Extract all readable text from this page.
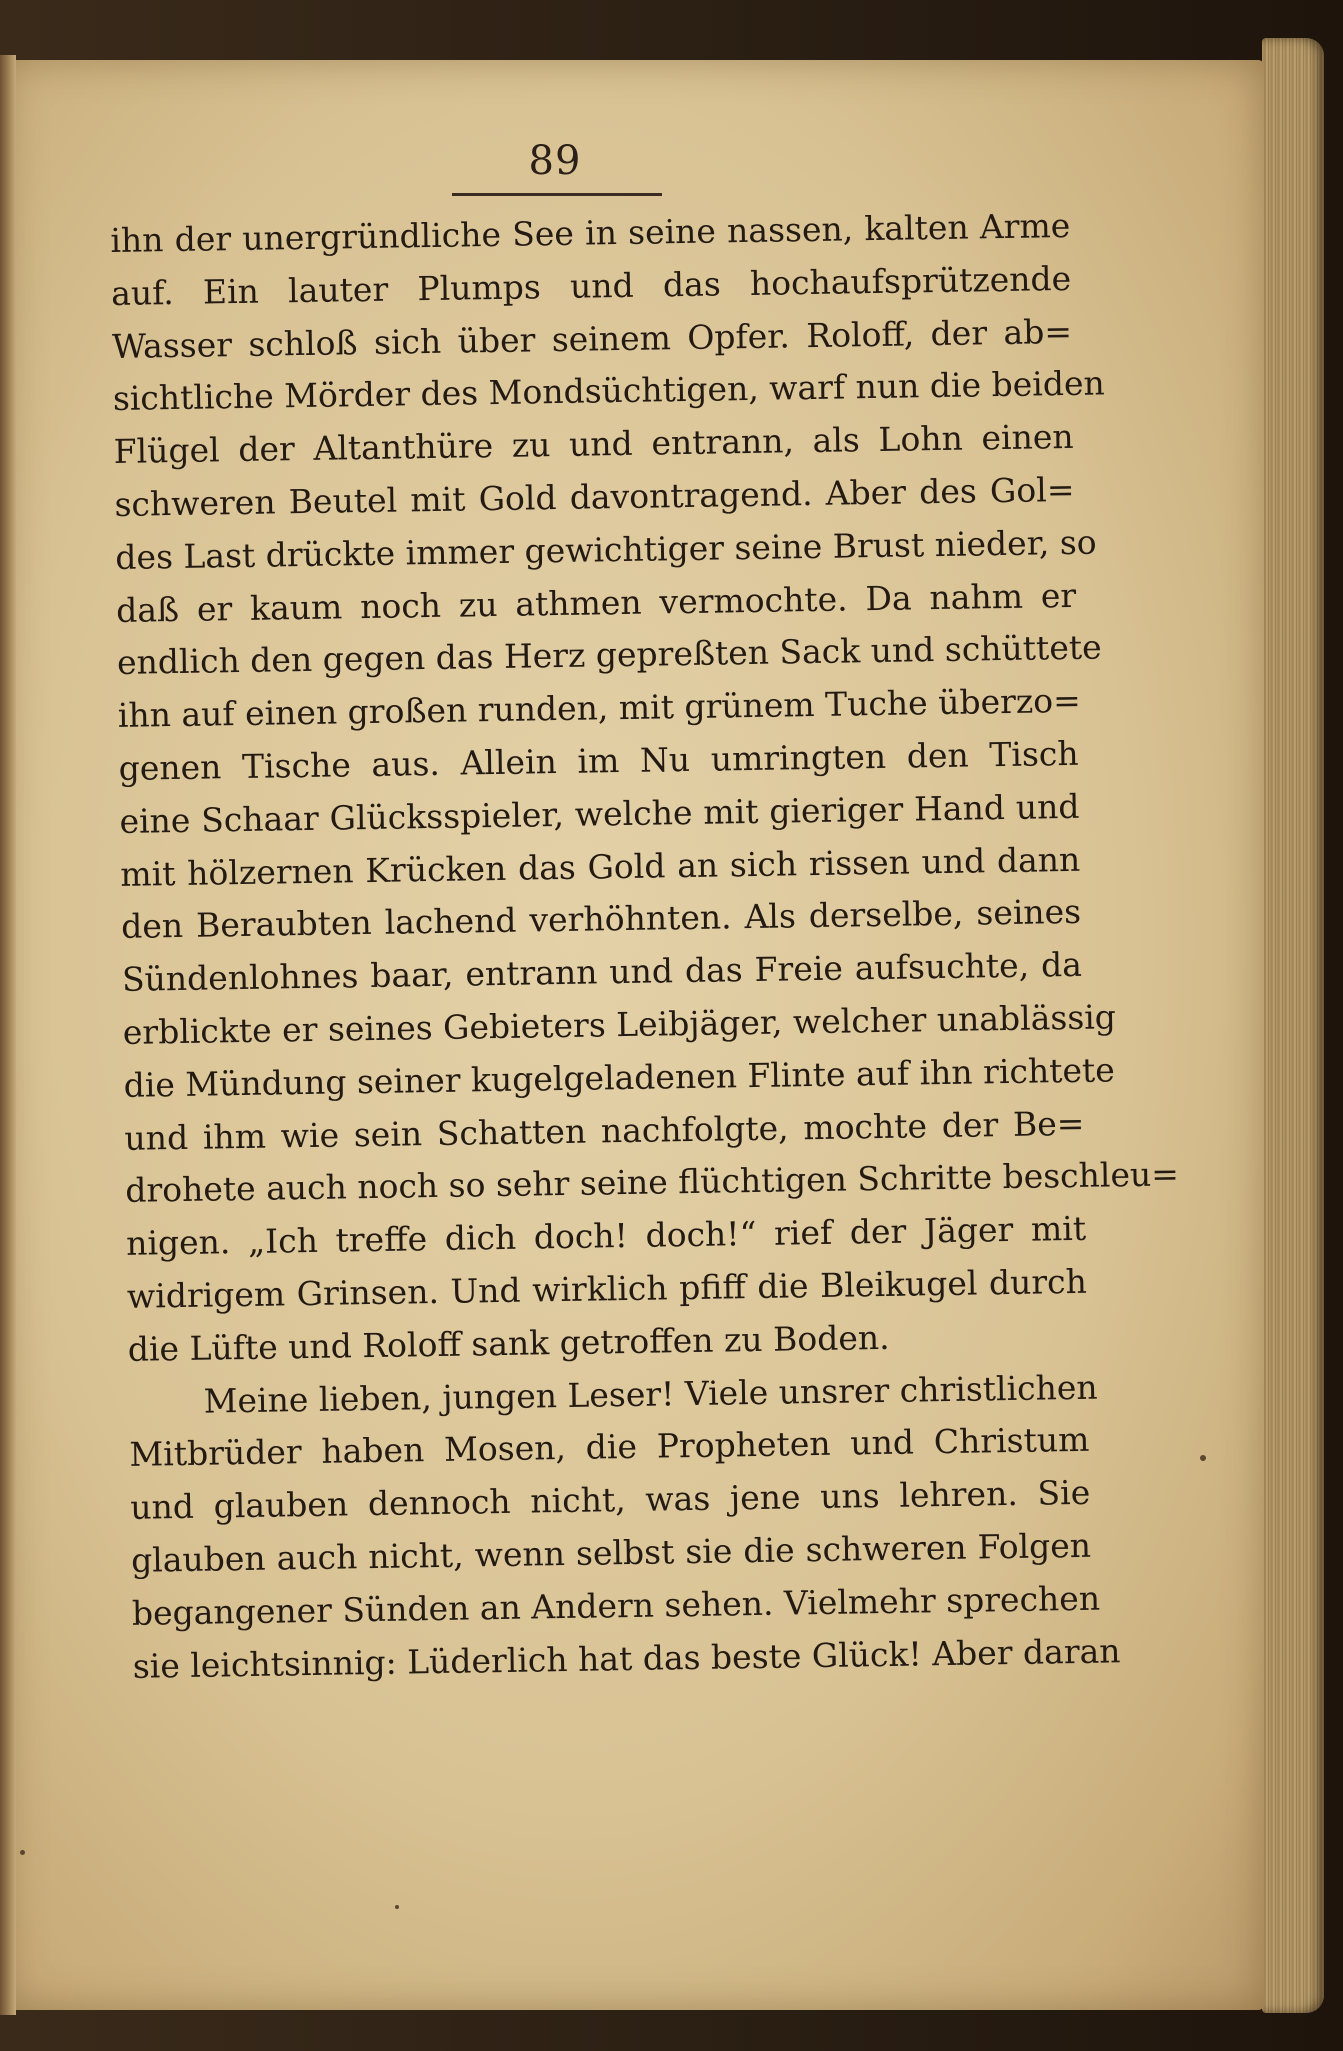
89
ihn der unergründliche See in seine nassen, kalten Arme
auf. Ein lauter Plumps und das hochaufsprützende
Wasser schloß sich über seinem Opfer. Roloff, der ab=
sichtliche Mörder des Mondsüchtigen, warf nun die beiden
Flügel der Altanthüre zu und entrann, als Lohn einen
schweren Beutel mit Gold davontragend. Aber des Gol=
des Last drückte immer gewichtiger seine Brust nieder, so
daß er kaum noch zu athmen vermochte. Da nahm er
endlich den gegen das Herz gepreßten Sack und schüttete
ihn auf einen großen runden, mit grünem Tuche überzo=
genen Tische aus. Allein im Nu umringten den Tisch
eine Schaar Glücksspieler, welche mit gieriger Hand und
mit hölzernen Krücken das Gold an sich rissen und dann
den Beraubten lachend verhöhnten. Als derselbe, seines
Sündenlohnes baar, entrann und das Freie aufsuchte, da
erblickte er seines Gebieters Leibjäger, welcher unablässig
die Mündung seiner kugelgeladenen Flinte auf ihn richtete
und ihm wie sein Schatten nachfolgte, mochte der Be=
drohete auch noch so sehr seine flüchtigen Schritte beschleu=
nigen. „Ich treffe dich doch! doch!“ rief der Jäger mit
widrigem Grinsen. Und wirklich pfiff die Bleikugel durch
die Lüfte und Roloff sank getroffen zu Boden.
Meine lieben, jungen Leser! Viele unsrer christlichen
Mitbrüder haben Mosen, die Propheten und Christum
und glauben dennoch nicht, was jene uns lehren. Sie
glauben auch nicht, wenn selbst sie die schweren Folgen
begangener Sünden an Andern sehen. Vielmehr sprechen
sie leichtsinnig: Lüderlich hat das beste Glück! Aber daran
